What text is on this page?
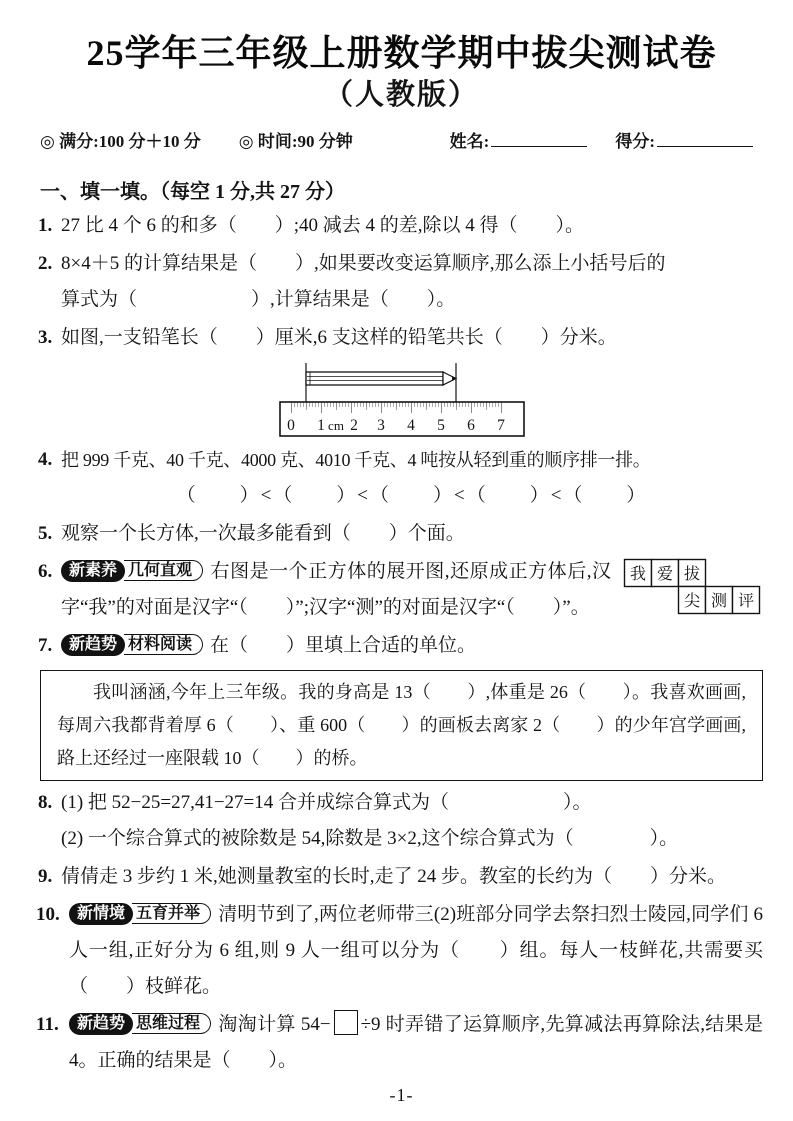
25学年三年级上册数学期中拔尖测试卷
（人教版）
◎ 满分:100 分＋10 分 ◎ 时间:90 分钟	姓名:	得分:
一、填一填。（每空 1 分,共 27 分）
1. 27 比 4 个 6 的和多（　　）;40 减去 4 的差,除以 4 得（　　）。
2. 8×4＋5 的计算结果是（　　）,如果要改变运算顺序,那么添上小括号后的
算式为（　　　　　　）,计算结果是（　　）。
3. 如图,一支铅笔长（　　）厘米,6 支这样的铅笔共长（　　）分米。
0 1 cm 2 3 4 5 6 7
4. 把 999 千克、40 千克、4000 克、4010 千克、4 吨按从轻到重的顺序排一排。
（　　）<（　　）<（　　）<（　　）<（　　）
5. 观察一个长方体,一次最多能看到（　　）个面。
6.	我 爱 拔
尖 测 评
新素养 几何直观 右图是一个正方体的展开图,还原成正方体后,汉字“我”的对面是汉字“（　　）”;汉字“测”的对面是汉字“（　　）”。
7.	新趋势 材料阅读 在（　　）里填上合适的单位。
我叫涵涵,今年上三年级。我的身高是 13（　　）,体重是 26（　　）。我喜欢画画,每周六我都背着厚 6（　　）、重 600（　　）的画板去离家 2（　　）的少年宫学画画,路上还经过一座限载 10（　　）的桥。
8. (1) 把 52−25=27,41−27=14 合并成综合算式为（　　　　　　）。
(2) 一个综合算式的被除数是 54,除数是 3×2,这个综合算式为（　　　　）。
9. 倩倩走 3 步约 1 米,她测量教室的长时,走了 24 步。教室的长约为（　　）分米。
10.	新情境 五育并举 清明节到了,两位老师带三(2)班部分同学去祭扫烈士陵园,同学们 6 人一组,正好分为 6 组,则 9 人一组可以分为（　　）组。每人一枝鲜花,共需要买（　　）枝鲜花。
11.	新趋势 思维过程 淘淘计算 54− ÷9 时弄错了运算顺序,先算减法再算除法,结果是 4。正确的结果是（　　）。
-1-
